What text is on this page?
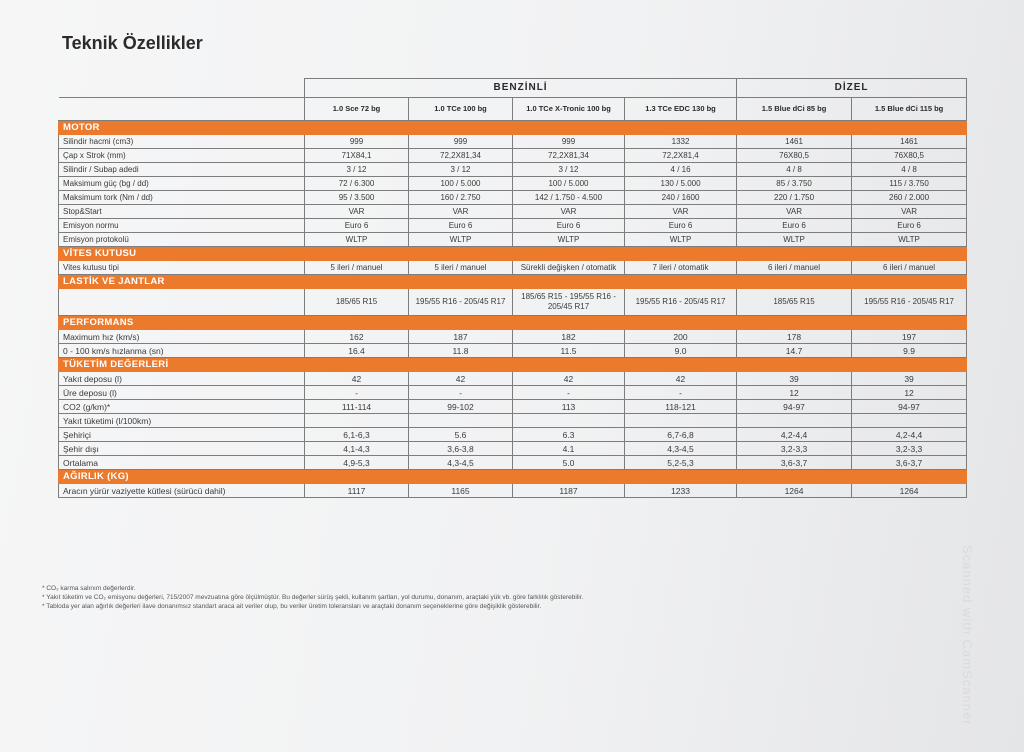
Teknik Özellikler
	BENZİNLİ				DİZEL	
	1.0 Sce 72 bg	1.0 TCe 100 bg	1.0 TCe X-Tronic 100 bg	1.3 TCe EDC 130 bg	1.5 Blue dCi 85 bg	1.5 Blue dCi 115 bg
MOTOR						
Silindir hacmi (cm3)	999	999	999	1332	1461	1461
Çap x Strok (mm)	71X84,1	72,2X81,34	72,2X81,34	72,2X81,4	76X80,5	76X80,5
Silindir / Subap adedi	3 / 12	3 / 12	3 / 12	4 / 16	4 / 8	4 / 8
Maksimum güç (bg / dd)	72 / 6.300	100 / 5.000	100 / 5.000	130 / 5.000	85 / 3.750	115 / 3.750
Maksimum tork (Nm / dd)	95 / 3.500	160 / 2.750	142 / 1.750 - 4.500	240 / 1600	220 / 1.750	260 / 2.000
Stop&Start	VAR	VAR	VAR	VAR	VAR	VAR
Emisyon normu	Euro 6	Euro 6	Euro 6	Euro 6	Euro 6	Euro 6
Emisyon protokolü	WLTP	WLTP	WLTP	WLTP	WLTP	WLTP
VİTES KUTUSU						
Vites kutusu tipi	5 ileri / manuel	5 ileri / manuel	Sürekli değişken / otomatik	7 ileri / otomatik	6 ileri / manuel	6 ileri / manuel
LASTİK VE JANTLAR						
	185/65 R15	195/55 R16 - 205/45 R17	185/65 R15 - 195/55 R16 - 205/45 R17	195/55 R16 - 205/45 R17	185/65 R15	195/55 R16 - 205/45 R17
PERFORMANS						
Maximum hız (km/s)	162	187	182	200	178	197
0 - 100 km/s hızlanma (sn)	16.4	11.8	11.5	9.0	14.7	9.9
TÜKETİM DEĞERLERİ						
Yakıt deposu (l)	42	42	42	42	39	39
Üre deposu (l)	-	-	-	-	12	12
CO2 (g/km)*	111-114	99-102	113	118-121	94-97	94-97
Yakıt tüketimi (l/100km)						
Şehiriçi	6,1-6,3	5.6	6.3	6,7-6,8	4,2-4,4	4,2-4,4
Şehir dışı	4,1-4,3	3,6-3,8	4.1	4,3-4,5	3,2-3,3	3,2-3,3
Ortalama	4,9-5,3	4,3-4,5	5.0	5,2-5,3	3,6-3,7	3,6-3,7
AĞIRLIK (KG)						
Aracın yürür vaziyette kütlesi (sürücü dahil)	1117	1165	1187	1233	1264	1264
* CO₂ karma salınım değerlerdir.
* Yakıt tüketim ve CO₂ emisyonu değerleri, 715/2007 mevzuatına göre ölçülmüştür. Bu değerler sürüş şekli, kullanım şartları, yol durumu, donanım, araçtaki yük vb. göre farklılık gösterebilir.
* Tabloda yer alan ağırlık değerleri ilave donanımsız standart araca ait veriler olup, bu veriler üretim toleransları ve araçtaki donanım seçeneklerine göre değişiklik gösterebilir.	Scanned with CamScanner
